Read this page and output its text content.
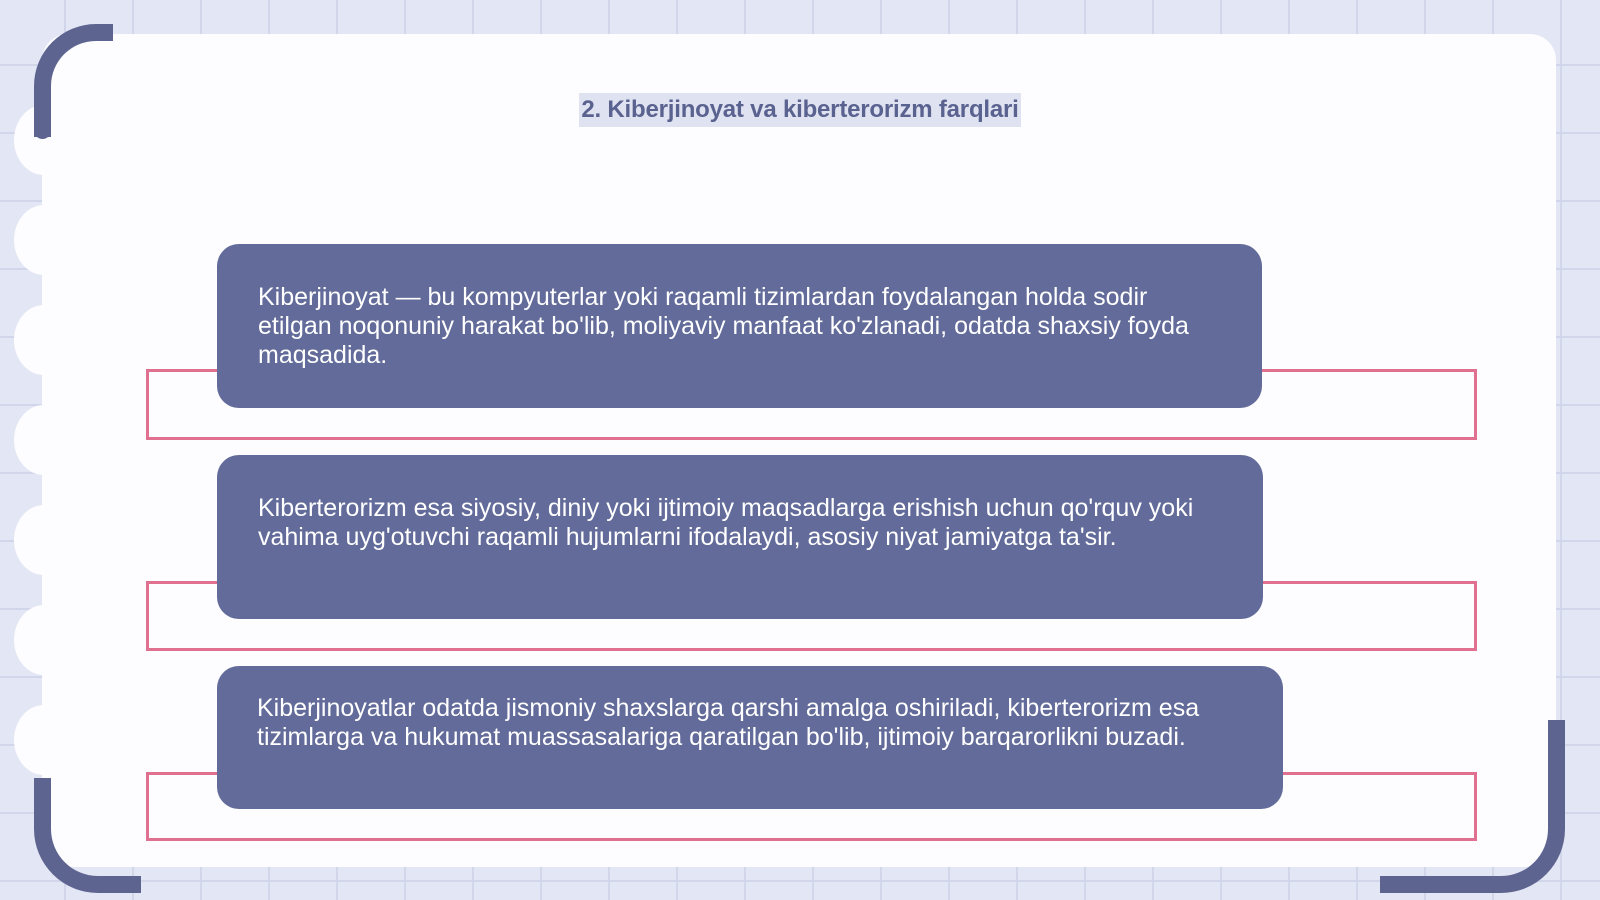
2. Kiberjinoyat va kiberterorizm farqlari
Kiberjinoyat — bu kompyuterlar yoki raqamli tizimlardan foydalangan holda sodir etilgan noqonuniy harakat bo'lib, moliyaviy manfaat ko'zlanadi, odatda shaxsiy foyda maqsadida.
Kiberterorizm esa siyosiy, diniy yoki ijtimoiy maqsadlarga erishish uchun qo'rquv yoki vahima uyg'otuvchi raqamli hujumlarni ifodalaydi, asosiy niyat jamiyatga ta'sir.
Kiberjinoyatlar odatda jismoniy shaxslarga qarshi amalga oshiriladi, kiberterorizm esa tizimlarga va hukumat muassasalariga qaratilgan bo'lib, ijtimoiy barqarorlikni buzadi.
